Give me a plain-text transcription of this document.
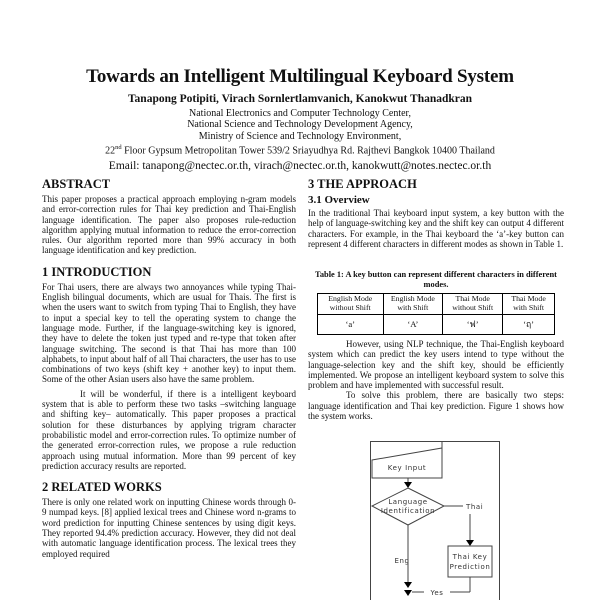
Towards an Intelligent Multilingual Keyboard System
Tanapong Potipiti, Virach Sornlertlamvanich, Kanokwut Thanadkran
National Electronics and Computer Technology Center,
National Science and Technology Development Agency,
Ministry of Science and Technology Environment,
22nd Floor Gypsum Metropolitan Tower 539/2 Sriayudhya Rd. Rajthevi Bangkok 10400 Thailand
Email: tanapong@nectec.or.th, virach@nectec.or.th, kanokwutt@notes.nectec.or.th
ABSTRACT

This paper proposes a practical approach employing n-gram models and error-correction rules for Thai key prediction and Thai-English language identification. The paper also proposes rule-reduction algorithm applying mutual information to reduce the error-correction rules. Our algorithm reported more than 99% accuracy in both language identification and key prediction.

1 INTRODUCTION

For Thai users, there are always two annoyances while typing Thai-English bilingual documents, which are usual for Thais. The first is when the users want to switch from typing Thai to English, they have to input a special key to tell the operating system to change the language mode. Further, if the language-switching key is ignored, they have to delete the token just typed and re-type that token after language switching. The second is that Thai has more than 100 alphabets, to input about half of all Thai characters, the user has to use combinations of two keys (shift key + another key) to input them. Some of the other Asian users also have the same problem.

It will be wonderful, if there is a intelligent keyboard system that is able to perform these two tasks –switching language and shifting key– automatically. This paper proposes a practical solution for these disturbances by applying trigram character probabilistic model and error-correction rules. To optimize number of the generated error-correction rules, we propose a rule reduction approach using mutual information. More than 99 percent of key prediction accuracy results are reported.

2 RELATED WORKS

There is only one related work on inputting Chinese words through 0-9 numpad keys. [8] applied lexical trees and Chinese word n-grams to word prediction for inputting Chinese sentences by using digit keys. They reported 94.4% prediction accuracy. However, they did not deal with automatic language identification process. The lexical trees they employed required

3 THE APPROACH
3.1 Overview

In the traditional Thai keyboard input system, a key button with the help of language-switching key and the shift key can output 4 different characters. For example, in the Thai keyboard the ‘a’-key button can represent 4 different characters in different modes as shown in Table 1.

Table 1: A key button can represent different characters in different modes.
English Mode without Shift	English Mode with Shift	Thai Mode without Shift	Thai Mode with Shift
‘a’	‘A’	‘ฟ’	‘ฤ’

However, using NLP technique, the Thai-English keyboard system which can predict the key users intend to type without the language-selection key and the shift key, should be efficiently implemented. We propose an intelligent keyboard system to solve this problem and have implemented with successful result.

To solve this problem, there are basically two steps: language identification and Thai key prediction. Figure 1 shows how the system works.

Key Input
Language
Identification	Thai
Thai Key
Prediction
Eng
Yes
